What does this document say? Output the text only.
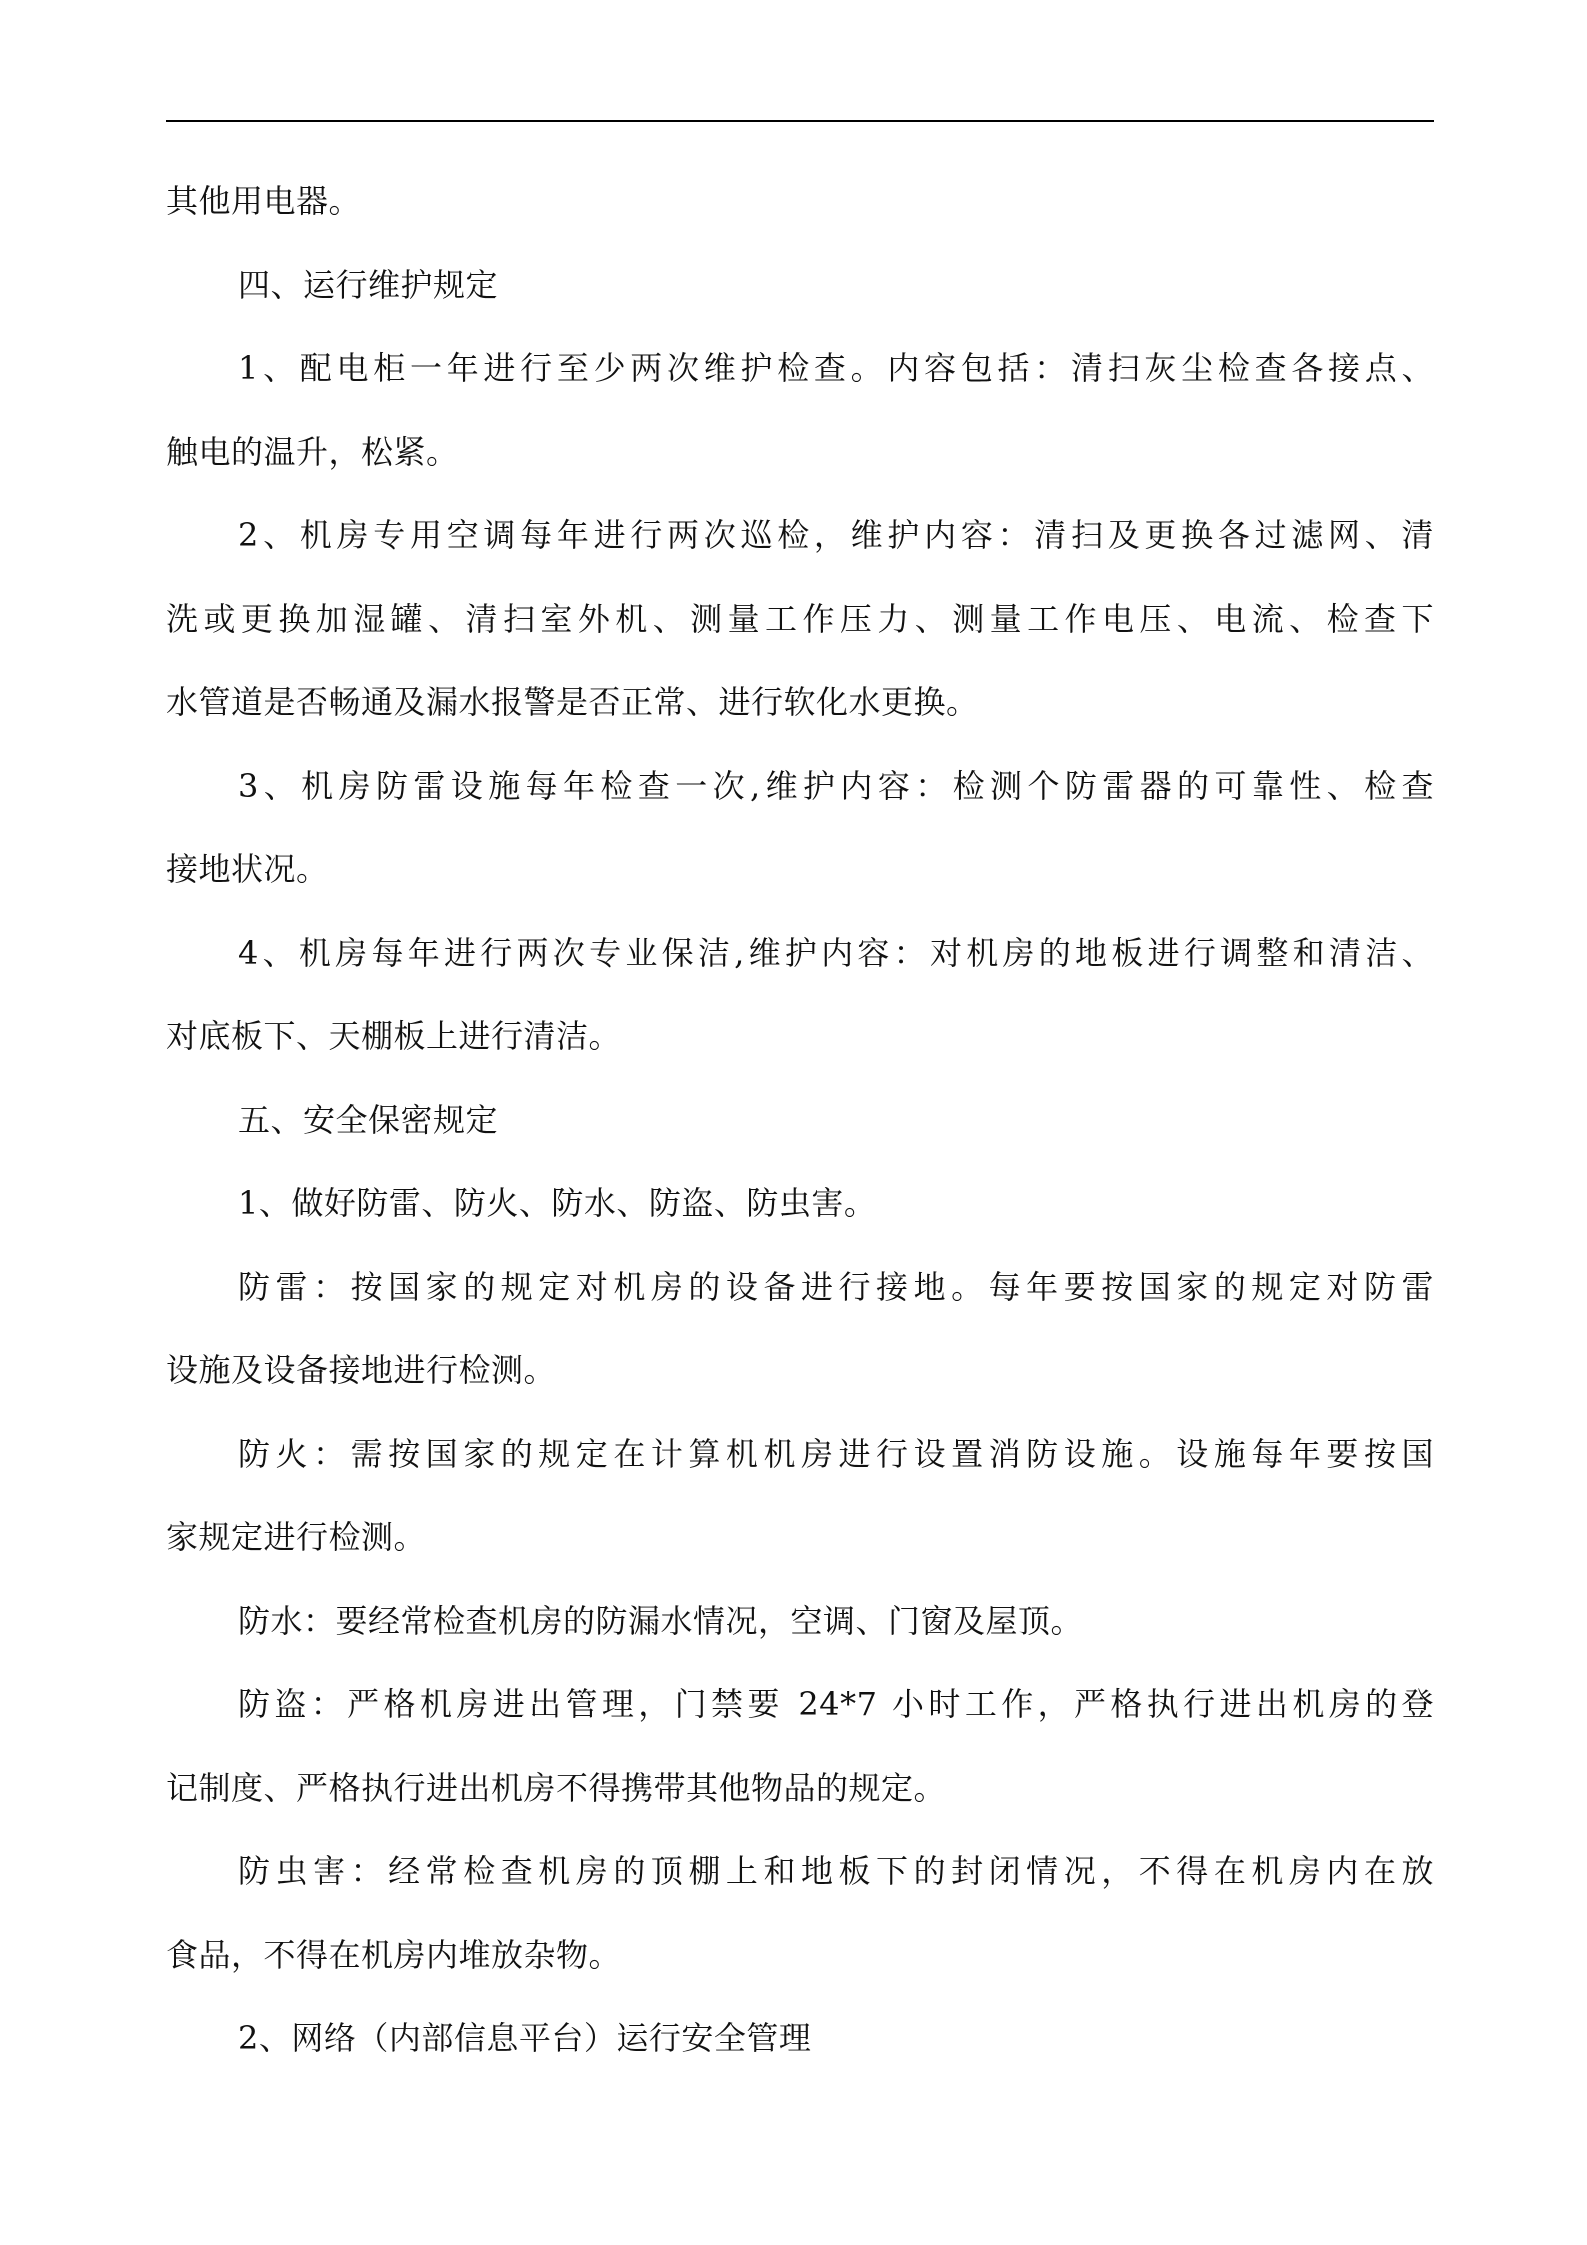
其他用电器。

四、运行维护规定

1、配电柜一年进行至少两次维护检查。内容包括：清扫灰尘检查各接点、

触电的温升，松紧。

2、机房专用空调每年进行两次巡检，维护内容：清扫及更换各过滤网、清

洗或更换加湿罐、清扫室外机、测量工作压力、测量工作电压、电流、检查下

水管道是否畅通及漏水报警是否正常、进行软化水更换。

3、机房防雷设施每年检查一次,维护内容：检测个防雷器的可靠性、检查

接地状况。

4、机房每年进行两次专业保洁,维护内容：对机房的地板进行调整和清洁、

对底板下、天棚板上进行清洁。

五、安全保密规定

1、做好防雷、防火、防水、防盗、防虫害。

防雷：按国家的规定对机房的设备进行接地。每年要按国家的规定对防雷

设施及设备接地进行检测。

防火：需按国家的规定在计算机机房进行设置消防设施。设施每年要按国

家规定进行检测。

防水：要经常检查机房的防漏水情况，空调、门窗及屋顶。

防盗：严格机房进出管理，门禁要 24*7 小时工作，严格执行进出机房的登

记制度、严格执行进出机房不得携带其他物品的规定。

防虫害：经常检查机房的顶棚上和地板下的封闭情况，不得在机房内在放

食品，不得在机房内堆放杂物。

2、网络（内部信息平台）运行安全管理
